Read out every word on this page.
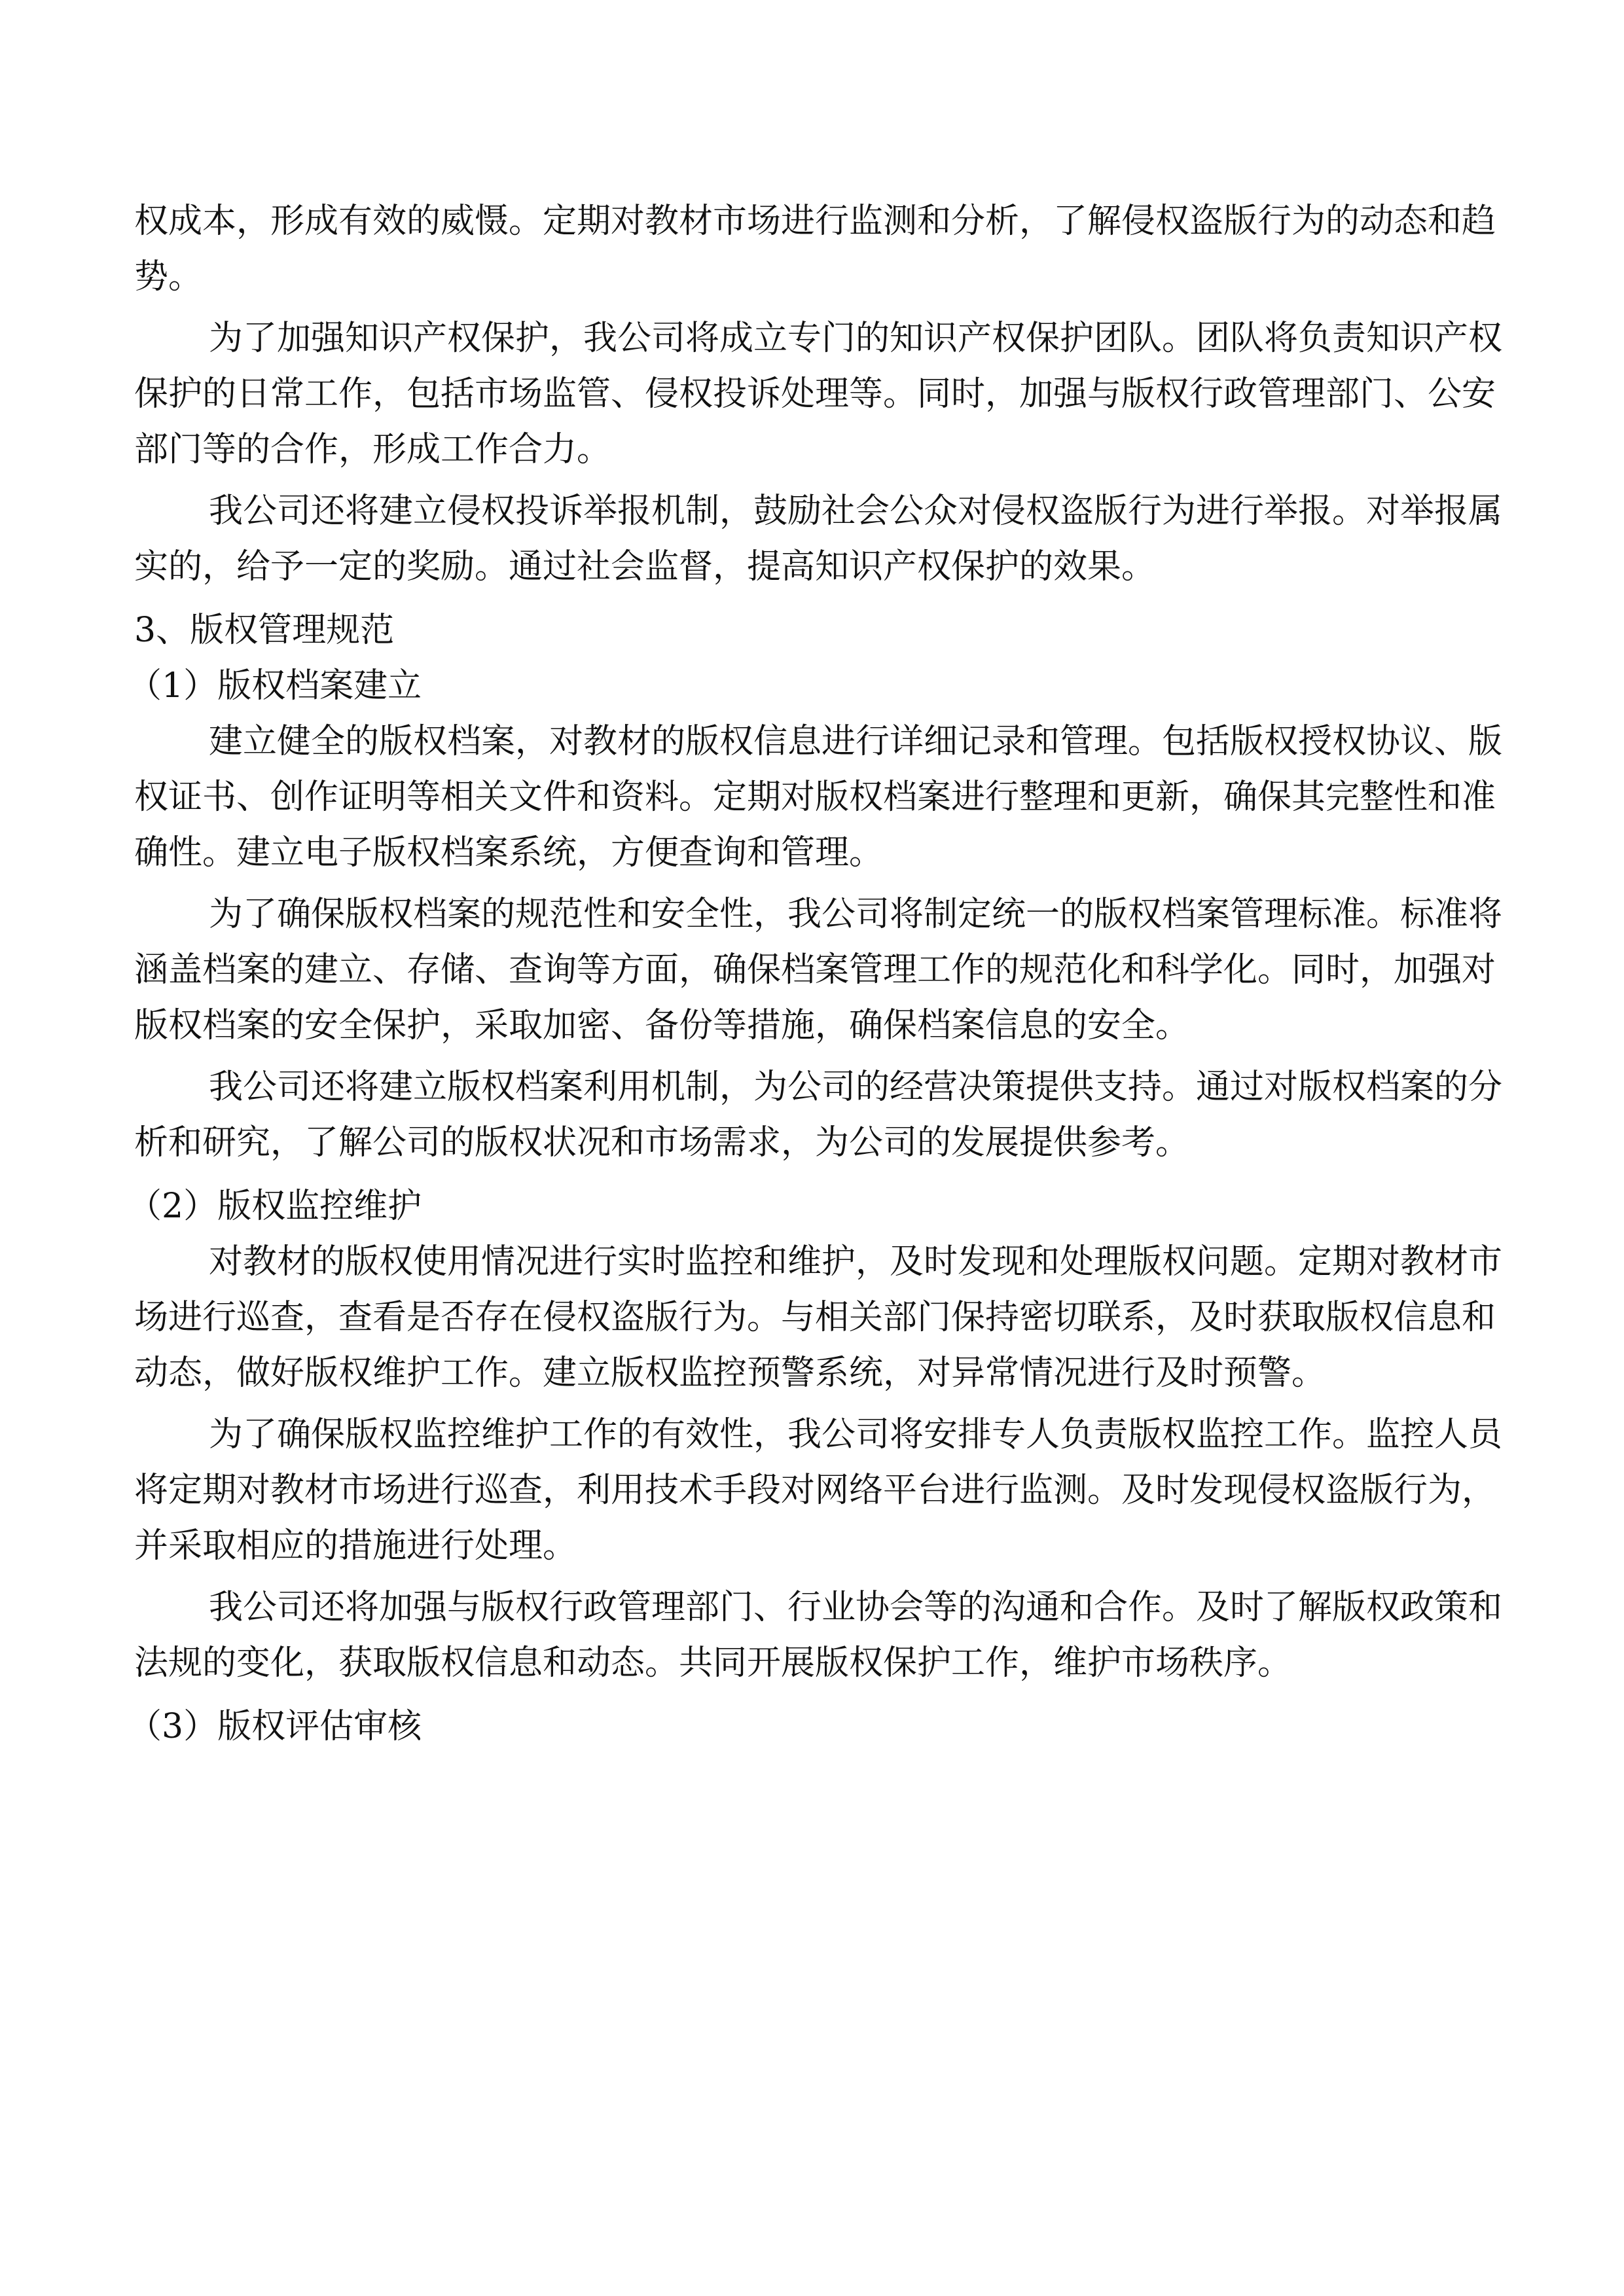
权成本，形成有效的威慑。定期对教材市场进行监测和分析，了解侵权盗版行为的动态和趋
势。
为了加强知识产权保护，我公司将成立专门的知识产权保护团队。团队将负责知识产权
保护的日常工作，包括市场监管、侵权投诉处理等。同时，加强与版权行政管理部门、公安
部门等的合作，形成工作合力。
我公司还将建立侵权投诉举报机制，鼓励社会公众对侵权盗版行为进行举报。对举报属
实的，给予一定的奖励。通过社会监督，提高知识产权保护的效果。
3、版权管理规范
（1）版权档案建立
建立健全的版权档案，对教材的版权信息进行详细记录和管理。包括版权授权协议、版
权证书、创作证明等相关文件和资料。定期对版权档案进行整理和更新，确保其完整性和准
确性。建立电子版权档案系统，方便查询和管理。
为了确保版权档案的规范性和安全性，我公司将制定统一的版权档案管理标准。标准将
涵盖档案的建立、存储、查询等方面，确保档案管理工作的规范化和科学化。同时，加强对
版权档案的安全保护，采取加密、备份等措施，确保档案信息的安全。
我公司还将建立版权档案利用机制，为公司的经营决策提供支持。通过对版权档案的分
析和研究，了解公司的版权状况和市场需求，为公司的发展提供参考。
（2）版权监控维护
对教材的版权使用情况进行实时监控和维护，及时发现和处理版权问题。定期对教材市
场进行巡查，查看是否存在侵权盗版行为。与相关部门保持密切联系，及时获取版权信息和
动态，做好版权维护工作。建立版权监控预警系统，对异常情况进行及时预警。
为了确保版权监控维护工作的有效性，我公司将安排专人负责版权监控工作。监控人员
将定期对教材市场进行巡查，利用技术手段对网络平台进行监测。及时发现侵权盗版行为，
并采取相应的措施进行处理。
我公司还将加强与版权行政管理部门、行业协会等的沟通和合作。及时了解版权政策和
法规的变化，获取版权信息和动态。共同开展版权保护工作，维护市场秩序。
（3）版权评估审核
